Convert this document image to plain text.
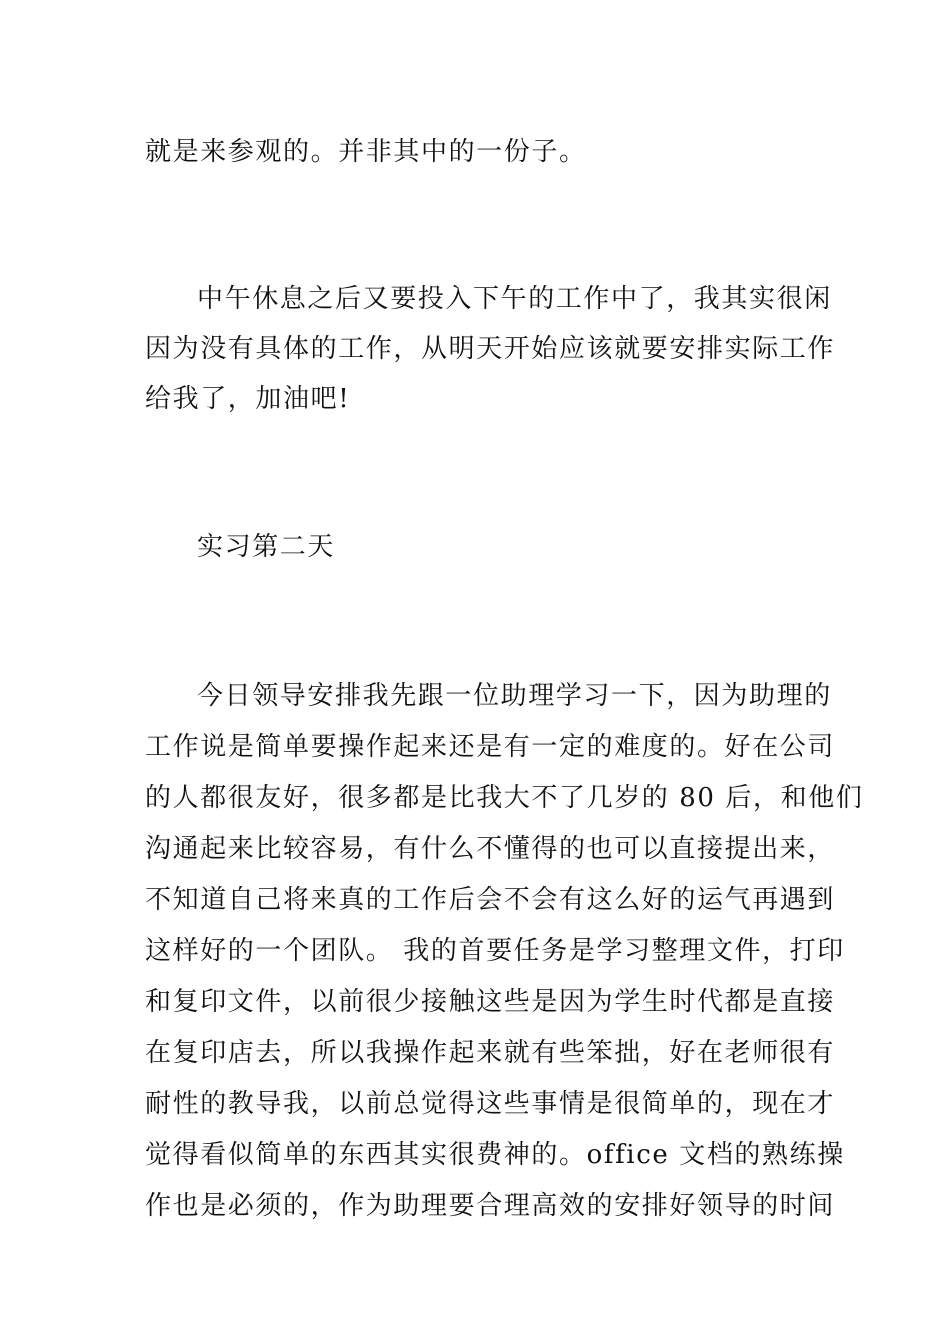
就是来参观的。并非其中的一份子。
中午休息之后又要投入下午的工作中了，我其实很闲
因为没有具体的工作，从明天开始应该就要安排实际工作
给我了，加油吧!
实习第二天
今日领导安排我先跟一位助理学习一下，因为助理的
工作说是简单要操作起来还是有一定的难度的。好在公司
的人都很友好，很多都是比我大不了几岁的 80 后，和他们
沟通起来比较容易，有什么不懂得的也可以直接提出来，
不知道自己将来真的工作后会不会有这么好的运气再遇到
这样好的一个团队。 我的首要任务是学习整理文件，打印
和复印文件，以前很少接触这些是因为学生时代都是直接
在复印店去，所以我操作起来就有些笨拙，好在老师很有
耐性的教导我，以前总觉得这些事情是很简单的，现在才
觉得看似简单的东西其实很费神的。office 文档的熟练操
作也是必须的，作为助理要合理高效的安排好领导的时间
